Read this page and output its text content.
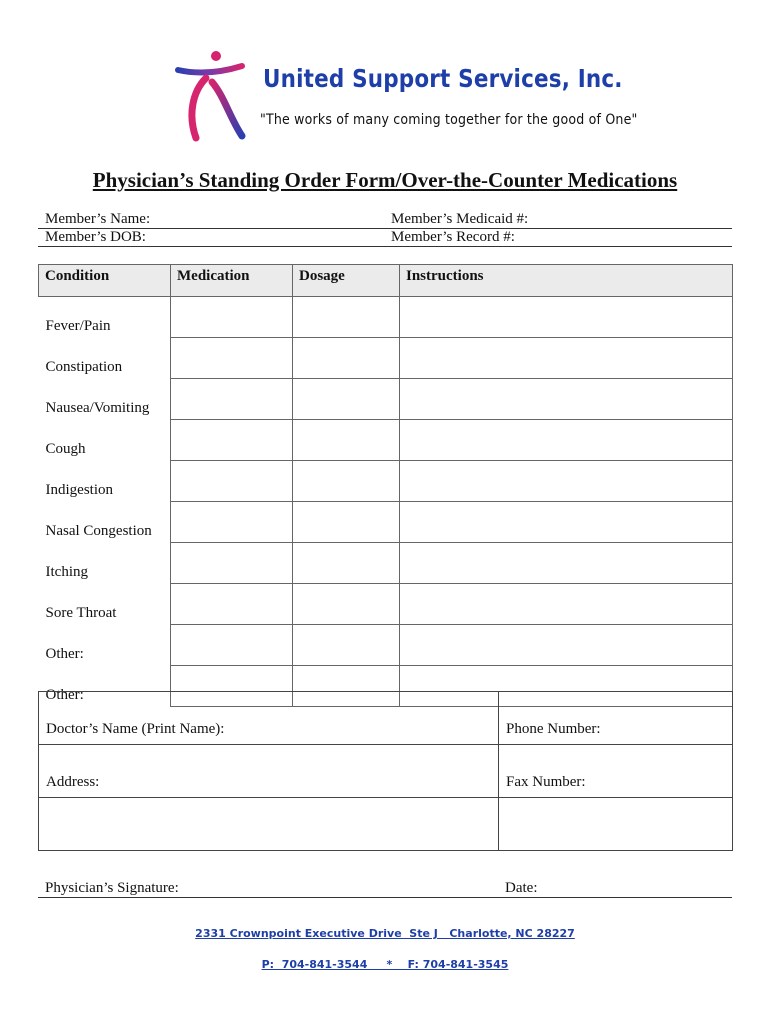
United Support Services, Inc.
"The works of many coming together for the good of One"
Physician’s Standing Order Form/Over-the-Counter Medications
Member’s Name:	Member’s Medicaid #:
Member’s DOB:	Member’s Record #:
Condition	Medication	Dosage	Instructions
Fever/Pain			
Constipation			
Nausea/Vomiting			
Cough			
Indigestion			
Nasal Congestion			
Itching			
Sore Throat			
Other:			
Other:			
Doctor’s Name (Print Name):	Phone Number:
Address:	Fax Number:

Physician’s Signature:	Date:
2331 Crownpoint Executive Drive  Ste J   Charlotte, NC 28227
P:  704-841-3544     *    F: 704-841-3545
